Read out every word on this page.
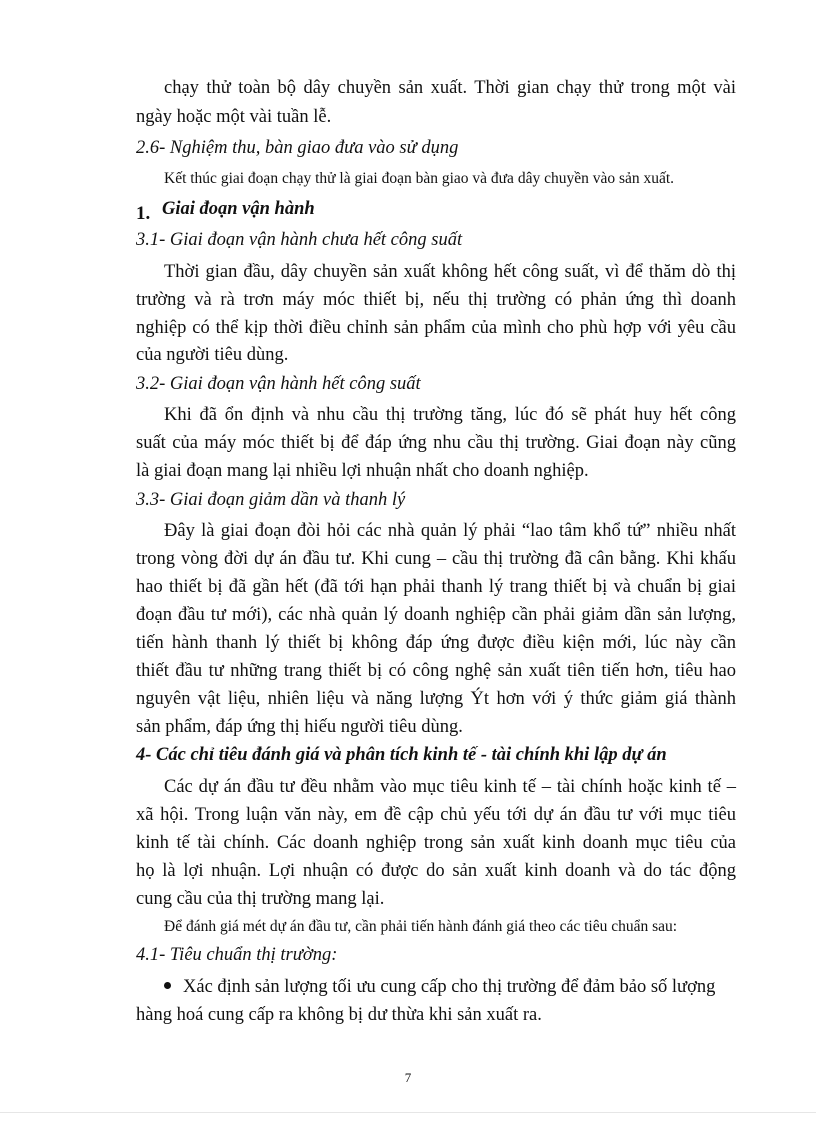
chạy thử toàn bộ dây chuyền sản xuất. Thời gian chạy thử trong một vài
ngày hoặc một vài tuần lễ.
2.6- Nghiệm thu, bàn giao đưa vào sử dụng
Kết thúc giai đoạn chạy thử là giai đoạn bàn giao và đưa dây chuyền vào sản xuất.
1. Giai đoạn vận hành
3.1- Giai đoạn vận hành chưa hết công suất
Thời gian đầu, dây chuyền sản xuất không hết công suất, vì để thăm dò thị
trường và rà trơn máy móc thiết bị, nếu thị trường có phản ứng thì doanh
nghiệp có thể kịp thời điều chỉnh sản phẩm của mình cho phù hợp với yêu cầu
của người tiêu dùng.
3.2- Giai đoạn vận hành hết công suất
Khi đã ổn định và nhu cầu thị trường tăng, lúc đó sẽ phát huy hết công
suất của máy móc thiết bị để đáp ứng nhu cầu thị trường. Giai đoạn này cũng
là giai đoạn mang lại nhiều lợi nhuận nhất cho doanh nghiệp.
3.3- Giai đoạn giảm dần và thanh lý
Đây là giai đoạn đòi hỏi các nhà quản lý phải “lao tâm khổ tứ” nhiều nhất
trong vòng đời dự án đầu tư. Khi cung – cầu thị trường đã cân bằng. Khi khấu
hao thiết bị đã gần hết (đã tới hạn phải thanh lý trang thiết bị và chuẩn bị giai
đoạn đầu tư mới), các nhà quản lý doanh nghiệp cần phải giảm dần sản lượng,
tiến hành thanh lý thiết bị không đáp ứng được điều kiện mới, lúc này cần
thiết đầu tư những trang thiết bị có công nghệ sản xuất tiên tiến hơn, tiêu hao
nguyên vật liệu, nhiên liệu và năng lượng Ýt hơn với ý thức giảm giá thành
sản phẩm, đáp ứng thị hiếu người tiêu dùng.
4- Các chỉ tiêu đánh giá và phân tích kinh tế - tài chính khi lập dự án
Các dự án đầu tư đều nhằm vào mục tiêu kinh tế – tài chính hoặc kinh tế –
xã hội. Trong luận văn này, em đề cập chủ yếu tới dự án đầu tư với mục tiêu
kinh tế tài chính. Các doanh nghiệp trong sản xuất kinh doanh mục tiêu của
họ là lợi nhuận. Lợi nhuận có được do sản xuất kinh doanh và do tác động
cung cầu của thị trường mang lại.
Để đánh giá mét dự án đầu tư, cần phải tiến hành đánh giá theo các tiêu chuẩn sau:
4.1- Tiêu chuẩn thị trường:
Xác định sản lượng tối ưu cung cấp cho thị trường để đảm bảo số lượng
hàng hoá cung cấp ra không bị dư thừa khi sản xuất ra.
7
